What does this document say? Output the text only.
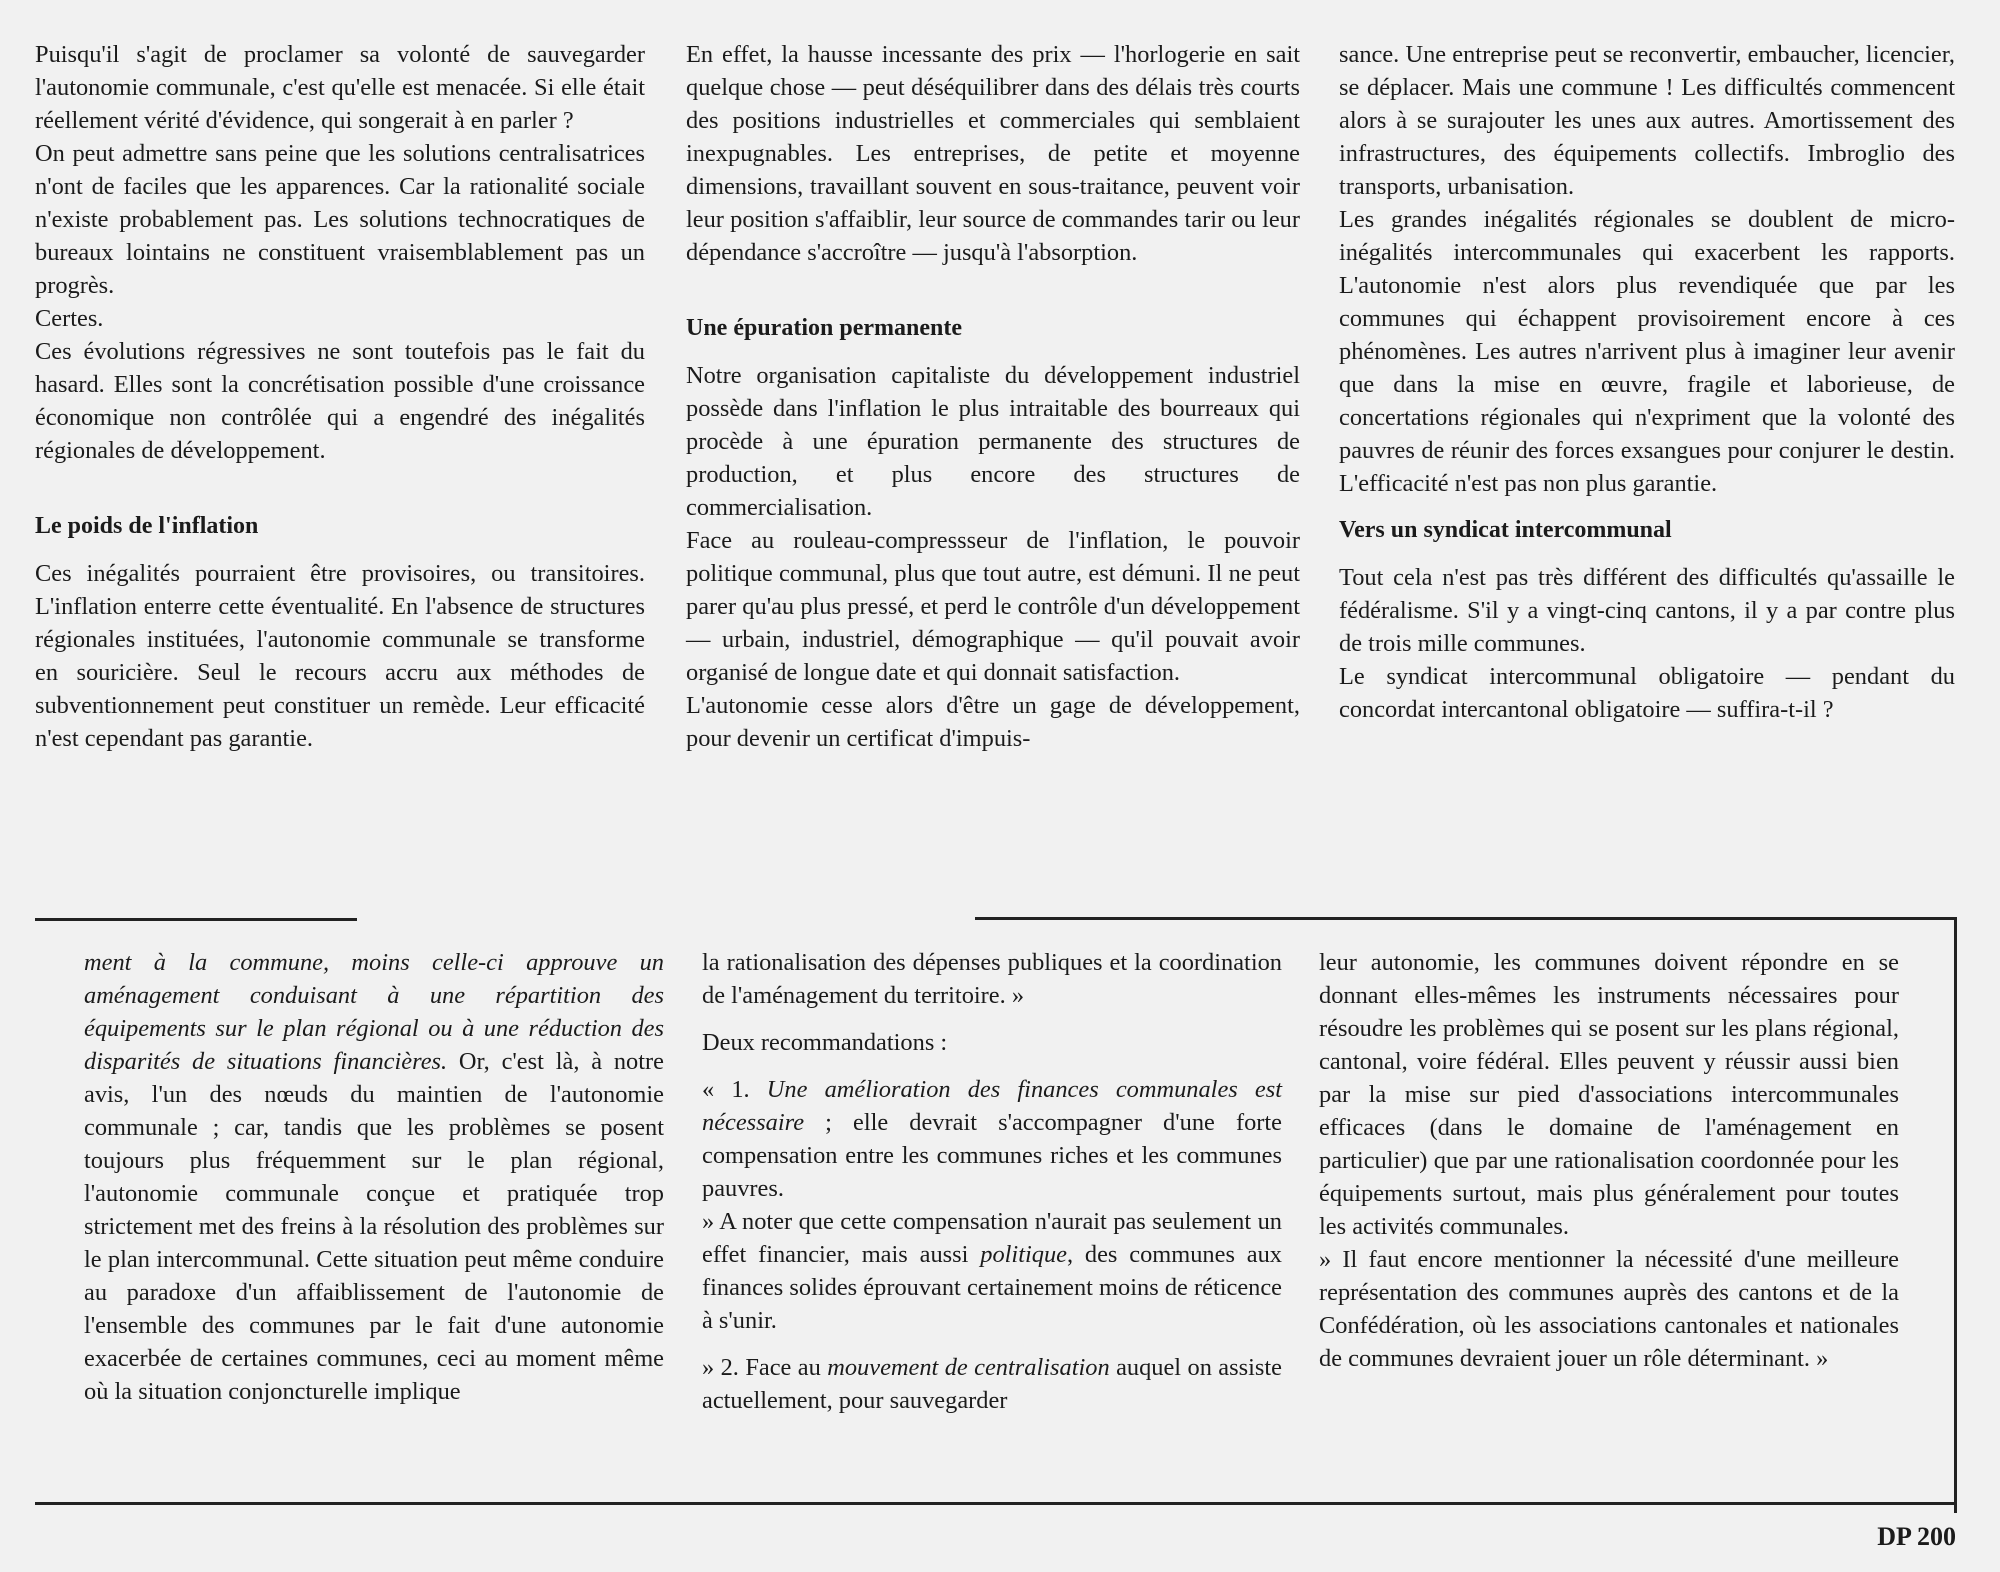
Puisqu'il s'agit de proclamer sa volonté de sauvegarder l'autonomie communale, c'est qu'elle est menacée. Si elle était réellement vérité d'évidence, qui songerait à en parler ?

On peut admettre sans peine que les solutions centralisatrices n'ont de faciles que les apparences. Car la rationalité sociale n'existe probablement pas. Les solutions technocratiques de bureaux lointains ne constituent vraisemblablement pas un progrès.

Certes.

Ces évolutions régressives ne sont toutefois pas le fait du hasard. Elles sont la concrétisation possible d'une croissance économique non contrôlée qui a engendré des inégalités régionales de développement.

Le poids de l'inflation

Ces inégalités pourraient être provisoires, ou transitoires. L'inflation enterre cette éventualité. En l'absence de structures régionales instituées, l'autonomie communale se transforme en souricière. Seul le recours accru aux méthodes de subventionnement peut constituer un remède. Leur efficacité n'est cependant pas garantie.

En effet, la hausse incessante des prix — l'horlogerie en sait quelque chose — peut déséquilibrer dans des délais très courts des positions industrielles et commerciales qui semblaient inexpugnables. Les entreprises, de petite et moyenne dimensions, travaillant souvent en sous-traitance, peuvent voir leur position s'affaiblir, leur source de commandes tarir ou leur dépendance s'accroître — jusqu'à l'absorption.

Une épuration permanente

Notre organisation capitaliste du développement industriel possède dans l'inflation le plus intraitable des bourreaux qui procède à une épuration permanente des structures de production, et plus encore des structures de commercialisation.

Face au rouleau-compressseur de l'inflation, le pouvoir politique communal, plus que tout autre, est démuni. Il ne peut parer qu'au plus pressé, et perd le contrôle d'un développement — urbain, industriel, démographique — qu'il pouvait avoir organisé de longue date et qui donnait satisfaction.

L'autonomie cesse alors d'être un gage de développement, pour devenir un certificat d'impuis-

sance. Une entreprise peut se reconvertir, embaucher, licencier, se déplacer. Mais une commune ! Les difficultés commencent alors à se surajouter les unes aux autres. Amortissement des infrastructures, des équipements collectifs. Imbroglio des transports, urbanisation.

Les grandes inégalités régionales se doublent de micro-inégalités intercommunales qui exacerbent les rapports. L'autonomie n'est alors plus revendiquée que par les communes qui échappent provisoirement encore à ces phénomènes. Les autres n'arrivent plus à imaginer leur avenir que dans la mise en œuvre, fragile et laborieuse, de concertations régionales qui n'expriment que la volonté des pauvres de réunir des forces exsangues pour conjurer le destin. L'efficacité n'est pas non plus garantie.

Vers un syndicat intercommunal

Tout cela n'est pas très différent des difficultés qu'assaille le fédéralisme. S'il y a vingt-cinq cantons, il y a par contre plus de trois mille communes.

Le syndicat intercommunal obligatoire — pendant du concordat intercantonal obligatoire — suffira-t-il ?

ment à la commune, moins celle-ci approuve un aménagement conduisant à une répartition des équipements sur le plan régional ou à une réduction des disparités de situations financières. Or, c'est là, à notre avis, l'un des nœuds du maintien de l'autonomie communale ; car, tandis que les problèmes se posent toujours plus fréquemment sur le plan régional, l'autonomie communale conçue et pratiquée trop strictement met des freins à la résolution des problèmes sur le plan intercommunal. Cette situation peut même conduire au paradoxe d'un affaiblissement de l'autonomie de l'ensemble des communes par le fait d'une autonomie exacerbée de certaines communes, ceci au moment même où la situation conjoncturelle implique

la rationalisation des dépenses publiques et la coordination de l'aménagement du territoire. »

Deux recommandations :

« 1. Une amélioration des finances communales est nécessaire ; elle devrait s'accompagner d'une forte compensation entre les communes riches et les communes pauvres.

» A noter que cette compensation n'aurait pas seulement un effet financier, mais aussi politique, des communes aux finances solides éprouvant certainement moins de réticence à s'unir.

» 2. Face au mouvement de centralisation auquel on assiste actuellement, pour sauvegarder

leur autonomie, les communes doivent répondre en se donnant elles-mêmes les instruments nécessaires pour résoudre les problèmes qui se posent sur les plans régional, cantonal, voire fédéral. Elles peuvent y réussir aussi bien par la mise sur pied d'associations intercommunales efficaces (dans le domaine de l'aménagement en particulier) que par une rationalisation coordonnée pour les équipements surtout, mais plus généralement pour toutes les activités communales.

» Il faut encore mentionner la nécessité d'une meilleure représentation des communes auprès des cantons et de la Confédération, où les associations cantonales et nationales de communes devraient jouer un rôle déterminant. »

DP 200
